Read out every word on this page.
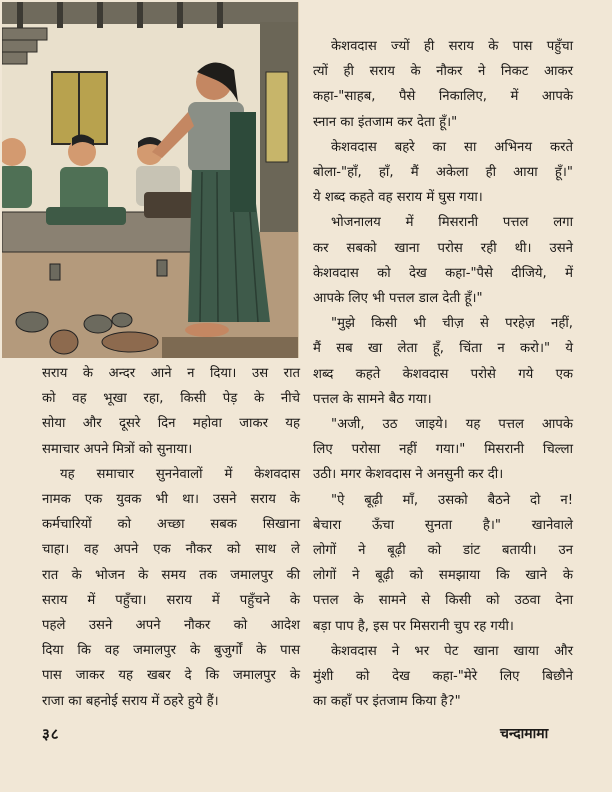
सराय के अन्दर आने न दिया। उस रात
को वह भूखा रहा, किसी पेड़ के नीचे
सोया और दूसरे दिन महोवा जाकर यह
समाचार अपने मित्रों को सुनाया।

यह समाचार सुननेवालों में केशवदास

नामक एक युवक भी था। उसने सराय के
कर्मचारियों को अच्छा सबक सिखाना
चाहा। वह अपने एक नौकर को साथ ले
रात के भोजन के समय तक जमालपुर की
सराय में पहुँचा। सराय में पहुँचने के
पहले उसने अपने नौकर को आदेश
दिया कि वह जमालपुर के बुजुर्गों के पास
पास जाकर यह खबर दे कि जमालपुर के
राजा का बहनोई सराय में ठहरे हुये हैं।

केशवदास ज्यों ही सराय के पास पहुँचा
त्यों ही सराय के नौकर ने निकट आकर
कहा-"साहब, पैसे निकालिए, में आपके
स्नान का इंतजाम कर देता हूँ।"

केशवदास बहरे का सा अभिनय करते
बोला-"हाँ, हाँ, मैं अकेला ही आया हूँ।"
ये शब्द कहते वह सराय में घुस गया।

भोजनालय में मिसरानी पत्तल लगा
कर सबको खाना परोस रही थी। उसने
केशवदास को देख कहा-"पैसे दीजिये, में
आपके लिए भी पत्तल डाल देती हूँ।"

"मुझे किसी भी चीज़ से परहेज़ नहीं,
मैं सब खा लेता हूँ, चिंता न करो।" ये
शब्द कहते केशवदास परोसे गये एक
पत्तल के सामने बैठ गया।

"अजी, उठ जाइये। यह पत्तल आपके
लिए परोसा नहीं गया।" मिसरानी चिल्ला
उठी। मगर केशवदास ने अनसुनी कर दी।

"ऐ बूढ़ी माँ, उसको बैठने दो न!
बेचारा ऊँचा सुनता है।" खानेवाले
लोगों ने बूढ़ी को डांट बतायी। उन
लोगों ने बूढ़ी को समझाया कि खाने के
पत्तल के सामने से किसी को उठवा देना
बड़ा पाप है, इस पर मिसरानी चुप रह गयी।

केशवदास ने भर पेट खाना खाया और
मुंशी को देख कहा-"मेरे लिए बिछौने
का कहाँ पर इंतजाम किया है?"

३८	चन्दामामा
